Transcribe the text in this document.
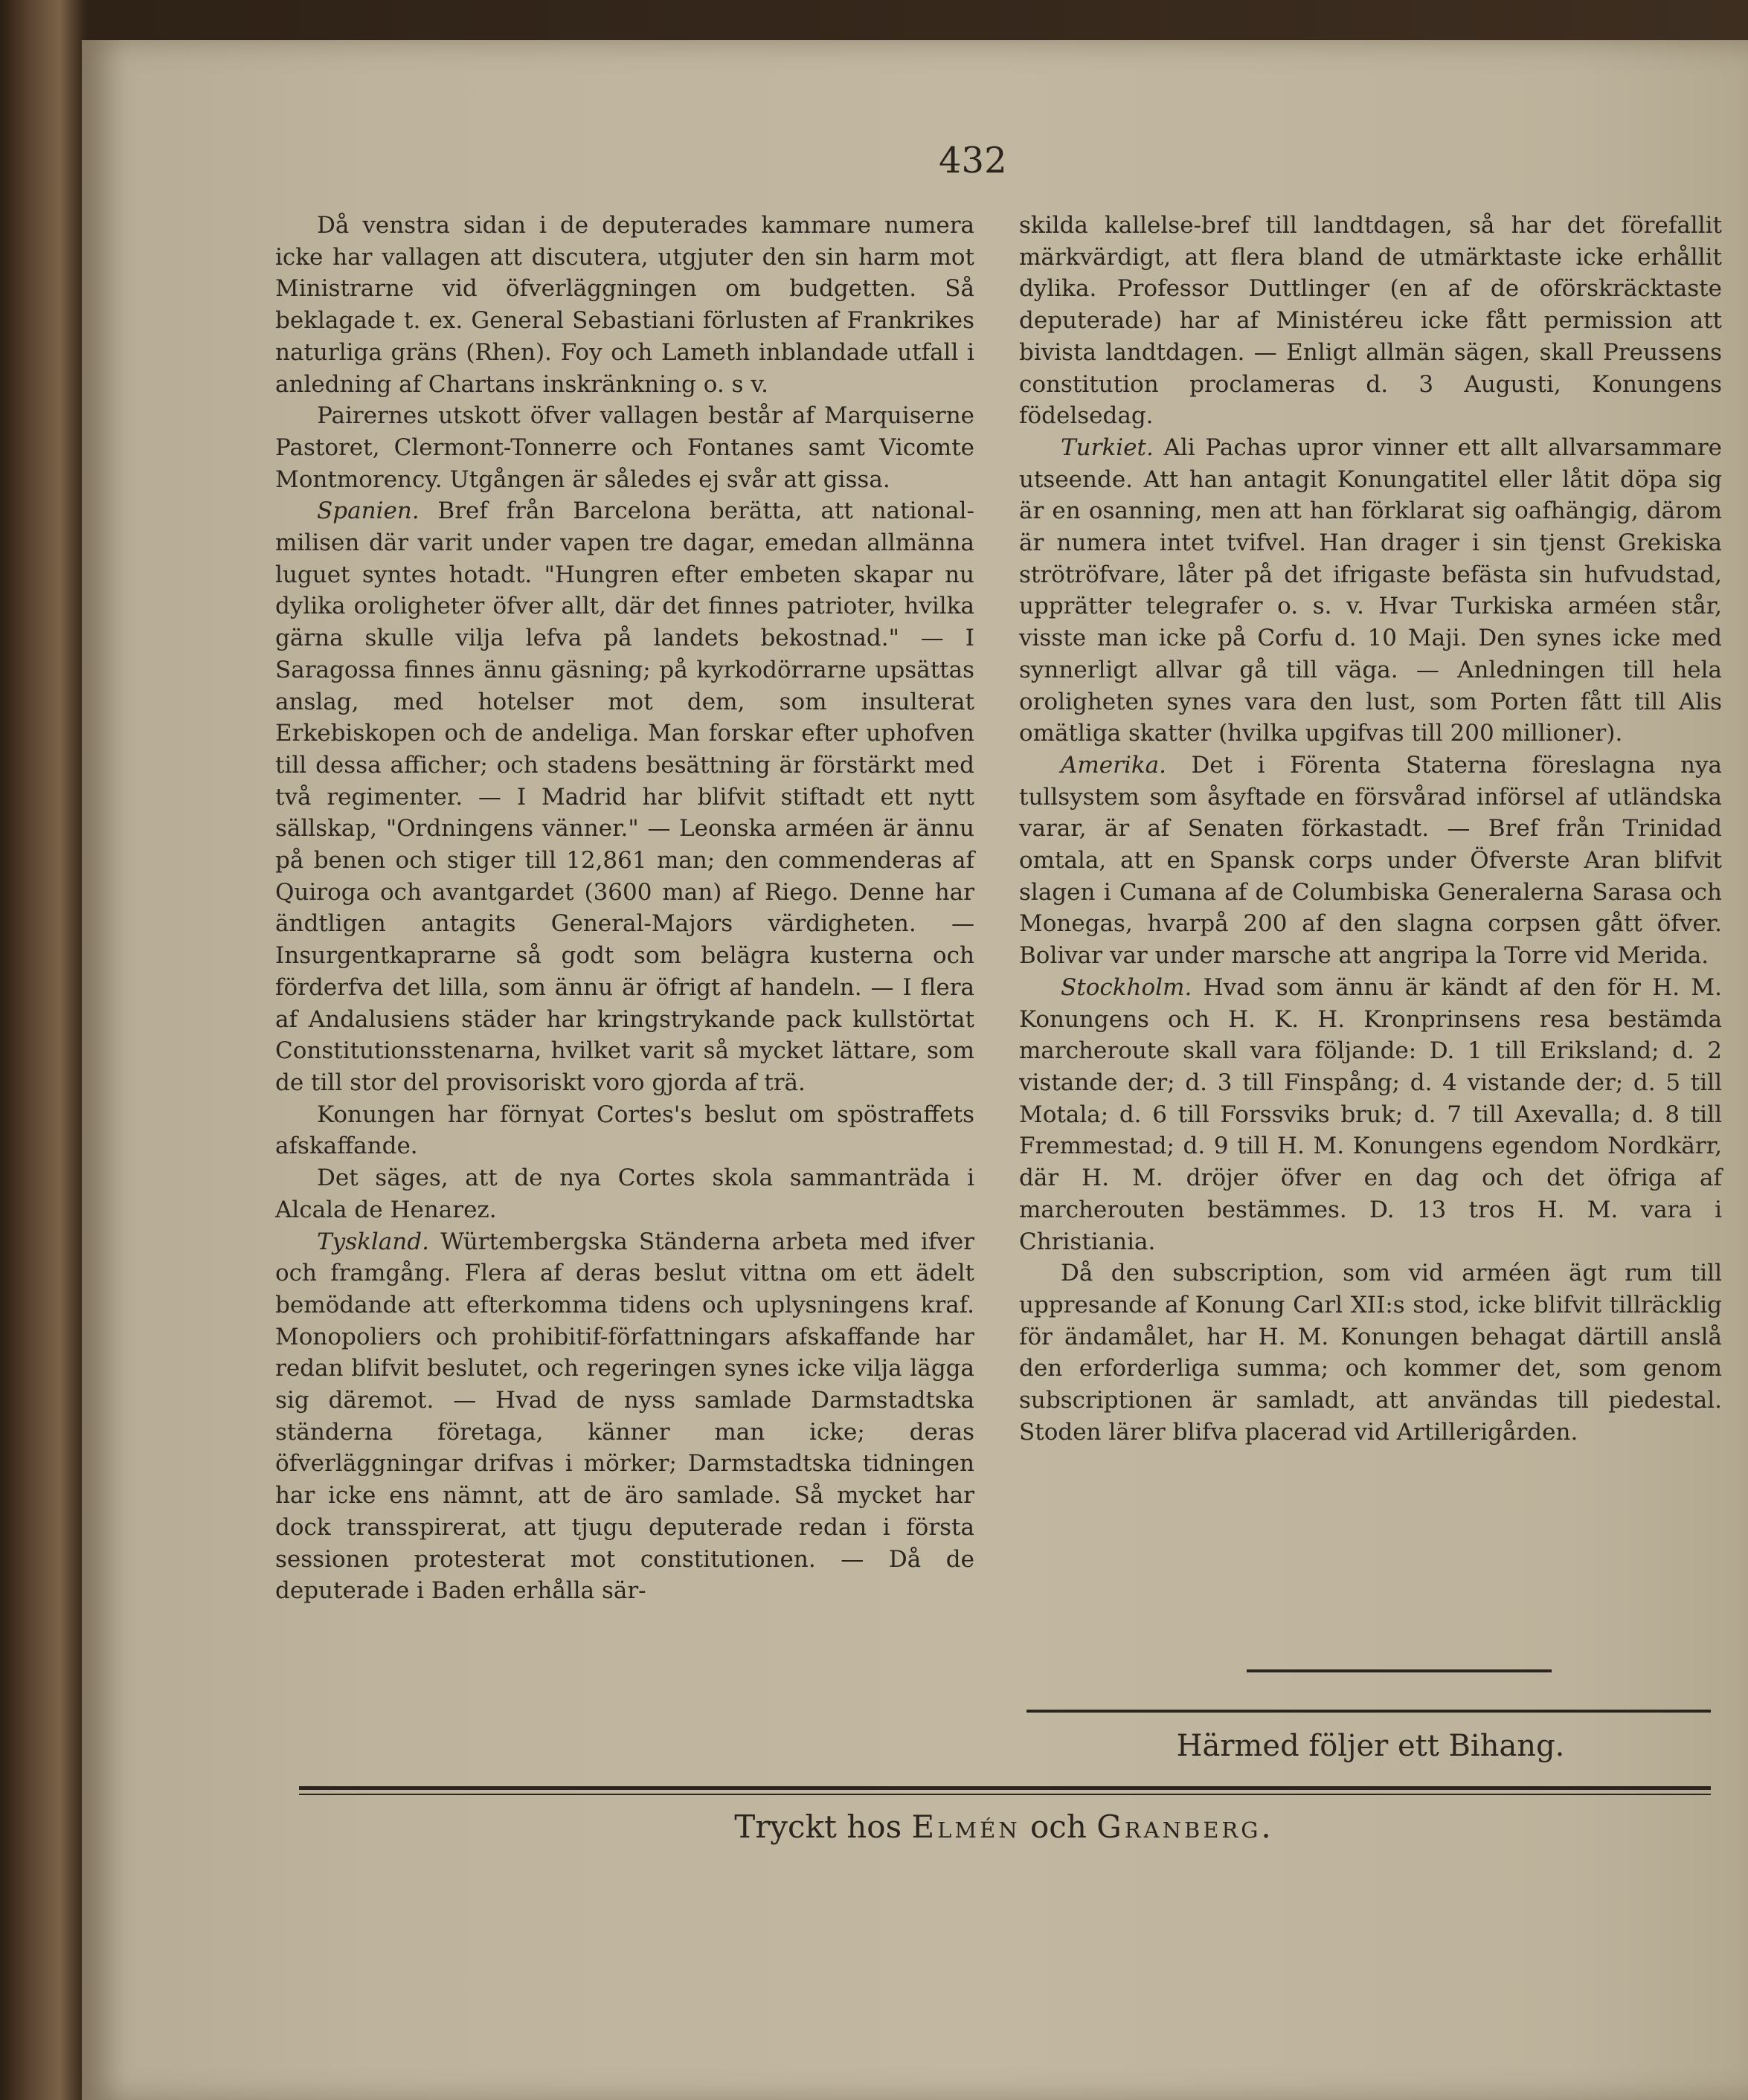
432

Då venstra sidan i de deputerades kammare numera icke har vallagen att discutera, utgjuter den sin harm mot Ministrarne vid öfverläggningen om budgetten. Så beklagade t. ex. General Sebastiani förlusten af Frankrikes naturliga gräns (Rhen). Foy och Lameth inblandade utfall i anledning af Chartans inskränkning o. s v.

Pairernes utskott öfver vallagen består af Marquiserne Pastoret, Clermont-Tonnerre och Fontanes samt Vicomte Montmorency. Utgången är således ej svår att gissa.

Spanien. Bref från Barcelona berätta, att national-milisen där varit under vapen tre dagar, emedan allmänna luguet syntes hotadt. "Hungren efter embeten skapar nu dylika oroligheter öfver allt, där det finnes patrioter, hvilka gärna skulle vilja lefva på landets bekostnad." — I Saragossa finnes ännu gäsning; på kyrkodörrarne upsättas anslag, med hotelser mot dem, som insulterat Erkebiskopen och de andeliga. Man forskar efter uphofven till dessa afficher; och stadens besättning är förstärkt med två regimenter. — I Madrid har blifvit stiftadt ett nytt sällskap, "Ordningens vänner." — Leonska arméen är ännu på benen och stiger till 12,861 man; den commenderas af Quiroga och avantgardet (3600 man) af Riego. Denne har ändtligen antagits General-Majors värdigheten. — Insurgentkaprarne så godt som belägra kusterna och förderfva det lilla, som ännu är öfrigt af handeln. — I flera af Andalusiens städer har kringstrykande pack kullstörtat Constitutionsstenarna, hvilket varit så mycket lättare, som de till stor del provisoriskt voro gjorda af trä.

Konungen har förnyat Cortes's beslut om spöstraffets afskaffande.

Det säges, att de nya Cortes skola sammanträda i Alcala de Henarez.

Tyskland. Würtembergska Ständerna arbeta med ifver och framgång. Flera af deras beslut vittna om ett ädelt bemödande att efterkomma tidens och uplysningens kraf. Monopoliers och prohibitif-författningars afskaffande har redan blifvit beslutet, och regeringen synes icke vilja lägga sig däremot. — Hvad de nyss samlade Darmstadtska ständerna företaga, känner man icke; deras öfverläggningar drifvas i mörker; Darmstadtska tidningen har icke ens nämnt, att de äro samlade. Så mycket har dock transspirerat, att tjugu deputerade redan i första sessionen protesterat mot constitutionen. — Då de deputerade i Baden erhålla sär-

skilda kallelse-bref till landtdagen, så har det förefallit märkvärdigt, att flera bland de utmärktaste icke erhållit dylika. Professor Duttlinger (en af de oförskräcktaste deputerade) har af Ministéreu icke fått permission att bivista landtdagen. — Enligt allmän sägen, skall Preussens constitution proclameras d. 3 Augusti, Konungens födelsedag.

Turkiet. Ali Pachas upror vinner ett allt allvarsammare utseende. Att han antagit Konungatitel eller låtit döpa sig är en osanning, men att han förklarat sig oafhängig, därom är numera intet tvifvel. Han drager i sin tjenst Grekiska strötröfvare, låter på det ifrigaste befästa sin hufvudstad, upprätter telegrafer o. s. v. Hvar Turkiska arméen står, visste man icke på Corfu d. 10 Maji. Den synes icke med synnerligt allvar gå till väga. — Anledningen till hela oroligheten synes vara den lust, som Porten fått till Alis omätliga skatter (hvilka upgifvas till 200 millioner).

Amerika. Det i Förenta Staterna föreslagna nya tullsystem som åsyftade en försvårad införsel af utländska varar, är af Senaten förkastadt. — Bref från Trinidad omtala, att en Spansk corps under Öfverste Aran blifvit slagen i Cumana af de Columbiska Generalerna Sarasa och Monegas, hvarpå 200 af den slagna corpsen gått öfver. Bolivar var under marsche att angripa la Torre vid Merida.

Stockholm. Hvad som ännu är kändt af den för H. M. Konungens och H. K. H. Kronprinsens resa bestämda marcheroute skall vara följande: D. 1 till Eriksland; d. 2 vistande der; d. 3 till Finspång; d. 4 vistande der; d. 5 till Motala; d. 6 till Forssviks bruk; d. 7 till Axevalla; d. 8 till Fremmestad; d. 9 till H. M. Konungens egendom Nordkärr, där H. M. dröjer öfver en dag och det öfriga af marcherouten bestämmes. D. 13 tros H. M. vara i Christiania.

Då den subscription, som vid arméen ägt rum till uppresande af Konung Carl XII:s stod, icke blifvit tillräcklig för ändamålet, har H. M. Konungen behagat därtill anslå den erforderliga summa; och kommer det, som genom subscriptionen är samladt, att användas till piedestal. Stoden lärer blifva placerad vid Artillerigården.

Härmed följer ett Bihang.
Tryckt hos Elmén och Granberg.
